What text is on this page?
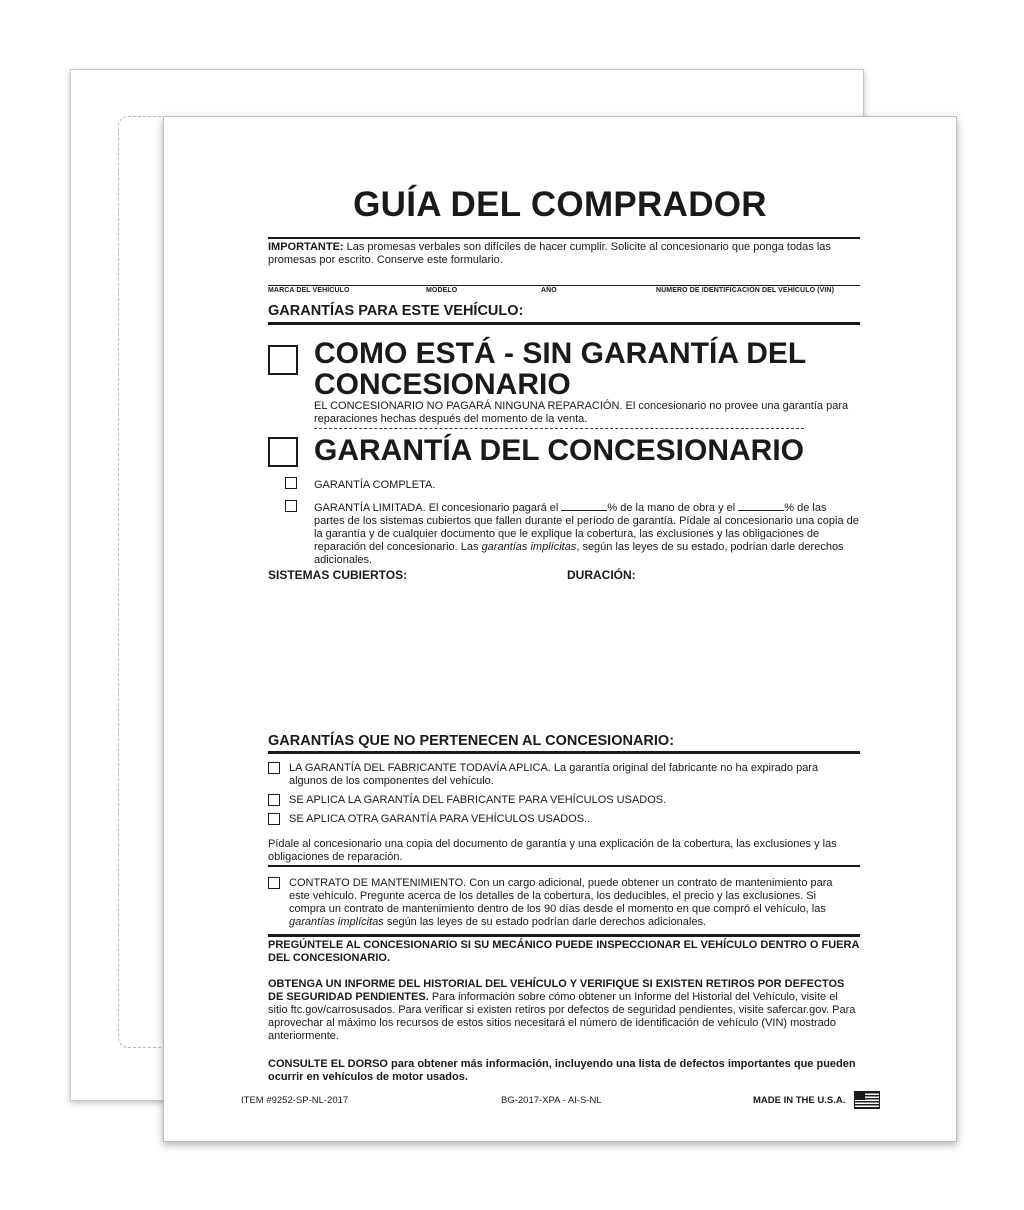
GUÍA DEL COMPRADOR
IMPORTANTE: Las promesas verbales son difíciles de hacer cumplir. Solicite al concesionario que ponga todas las promesas por escrito. Conserve este formulario.
MARCA DEL VEHÍCULO	MODELO	AÑO	NÚMERO DE IDENTIFICACIÓN DEL VEHÍCULO (VIN)
GARANTÍAS PARA ESTE VEHÍCULO:
COMO ESTÁ - SIN GARANTÍA DEL
CONCESIONARIO
EL CONCESIONARIO NO PAGARÁ NINGUNA REPARACIÓN. El concesionario no provee una garantía para reparaciones hechas después del momento de la venta.
GARANTÍA DEL CONCESIONARIO
GARANTÍA COMPLETA.
GARANTÍA LIMITADA. El concesionario pagará el	% de la mano de obra y el	% de las partes de los sistemas cubiertos que fallen durante el período de garantía. Pídale al concesionario una copia de la garantía y de cualquier documento que le explique la cobertura, las exclusiones y las obligaciones de reparación del concesionario. Las garantías implícitas, según las leyes de su estado, podrían darle derechos adicionales.
SISTEMAS CUBIERTOS:	DURACIÓN:
GARANTÍAS QUE NO PERTENECEN AL CONCESIONARIO:
LA GARANTÍA DEL FABRICANTE TODAVÍA APLICA. La garantía original del fabricante no ha expirado para algunos de los componentes del vehículo.
SE APLICA LA GARANTÍA DEL FABRICANTE PARA VEHÍCULOS USADOS.
SE APLICA OTRA GARANTÍA PARA VEHÍCULOS USADOS..
Pídale al concesionario una copia del documento de garantía y una explicación de la cobertura, las exclusiones y las obligaciones de reparación.
CONTRATO DE MANTENIMIENTO. Con un cargo adicional, puede obtener un contrato de mantenimiento para este vehículo. Pregunte acerca de los detalles de la cobertura, los deducibles, el precio y las exclusiones. Si compra un contrato de mantenimiento dentro de los 90 días desde el momento en que compró el vehículo, las garantías implícitas según las leyes de su estado podrían darle derechos adicionales.
PREGÚNTELE AL CONCESIONARIO SI SU MECÁNICO PUEDE INSPECCIONAR EL VEHÍCULO DENTRO O FUERA DEL CONCESIONARIO.
OBTENGA UN INFORME DEL HISTORIAL DEL VEHÍCULO Y VERIFIQUE SI EXISTEN RETIROS POR DEFECTOS DE SEGURIDAD PENDIENTES. Para información sobre cómo obtener un Informe del Historial del Vehículo, visite el sitio ftc.gov/carrosusados. Para verificar si existen retiros por defectos de seguridad pendientes, visite safercar.gov. Para aprovechar al máximo los recursos de estos sitios necesitará el número de identificación de vehículo (VIN) mostrado anteriormente.
CONSULTE EL DORSO para obtener más información, incluyendo una lista de defectos importantes que pueden ocurrir en vehículos de motor usados.
ITEM #9252-SP-NL-2017	BG-2017-XPA - AI-S-NL	MADE IN THE U.S.A.
